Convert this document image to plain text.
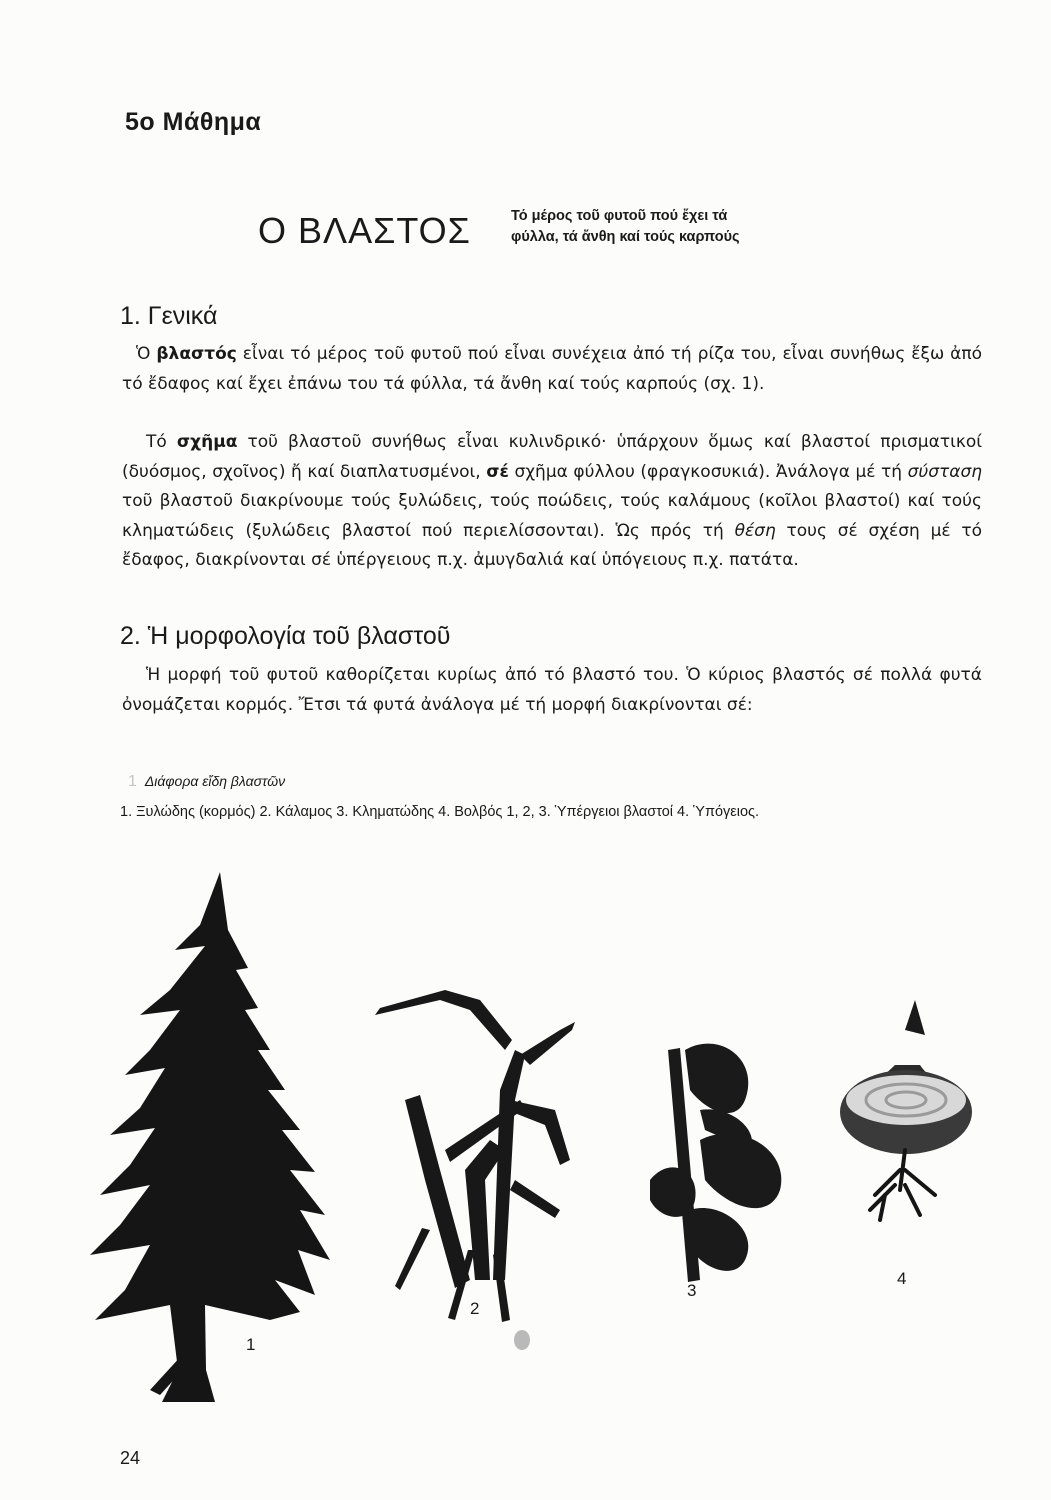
5ο Μάθημα
Ο ΒΛΑΣΤΟΣ	Τό μέρος τοῦ φυτοῦ πού ἔχει τά
φύλλα, τά ἄνθη καί τούς καρπούς
1. Γενικά
Ὁ βλαστός εἶναι τό μέρος τοῦ φυτοῦ πού εἶναι συνέχεια ἀπό τή ρίζα του, εἶναι συνήθως ἔξω ἀπό τό ἔδαφος καί ἔχει ἐπάνω του τά φύλλα, τά ἄνθη καί τούς καρπούς (σχ. 1).
Τό σχῆμα τοῦ βλαστοῦ συνήθως εἶναι κυλινδρικό· ὑπάρχουν ὅμως καί βλαστοί πρισματικοί (δυόσμος, σχοῖνος) ἤ καί διαπλατυσμένοι, σέ σχῆμα φύλλου (φραγκοσυκιά). Ἀνάλογα μέ τή σύσταση τοῦ βλαστοῦ διακρίνουμε τούς ξυλώδεις, τούς ποώδεις, τούς καλάμους (κοῖλοι βλαστοί) καί τούς κληματώδεις (ξυλώδεις βλαστοί πού περιελίσσονται). Ὡς πρός τή θέση τους σέ σχέση μέ τό ἔδαφος, διακρίνονται σέ ὑπέργειους π.χ. ἀμυγδαλιά καί ὑπόγειους π.χ. πατάτα.
2. Ἡ μορφολογία τοῦ βλαστοῦ
Ἡ μορφή τοῦ φυτοῦ καθορίζεται κυρίως ἀπό τό βλαστό του. Ὁ κύριος βλαστός σέ πολλά φυτά ὀνομάζεται κορμός. Ἔτσι τά φυτά ἀνάλογα μέ τή μορφή διακρίνονται σέ:
1 Διάφορα εἴδη βλαστῶν
1. Ξυλώδης (κορμός) 2. Κάλαμος 3. Κληματώδης 4. Βολβός 1, 2, 3. Ὑπέργειοι βλαστοί 4. Ὑπόγειος.
1
2
3
4
24
